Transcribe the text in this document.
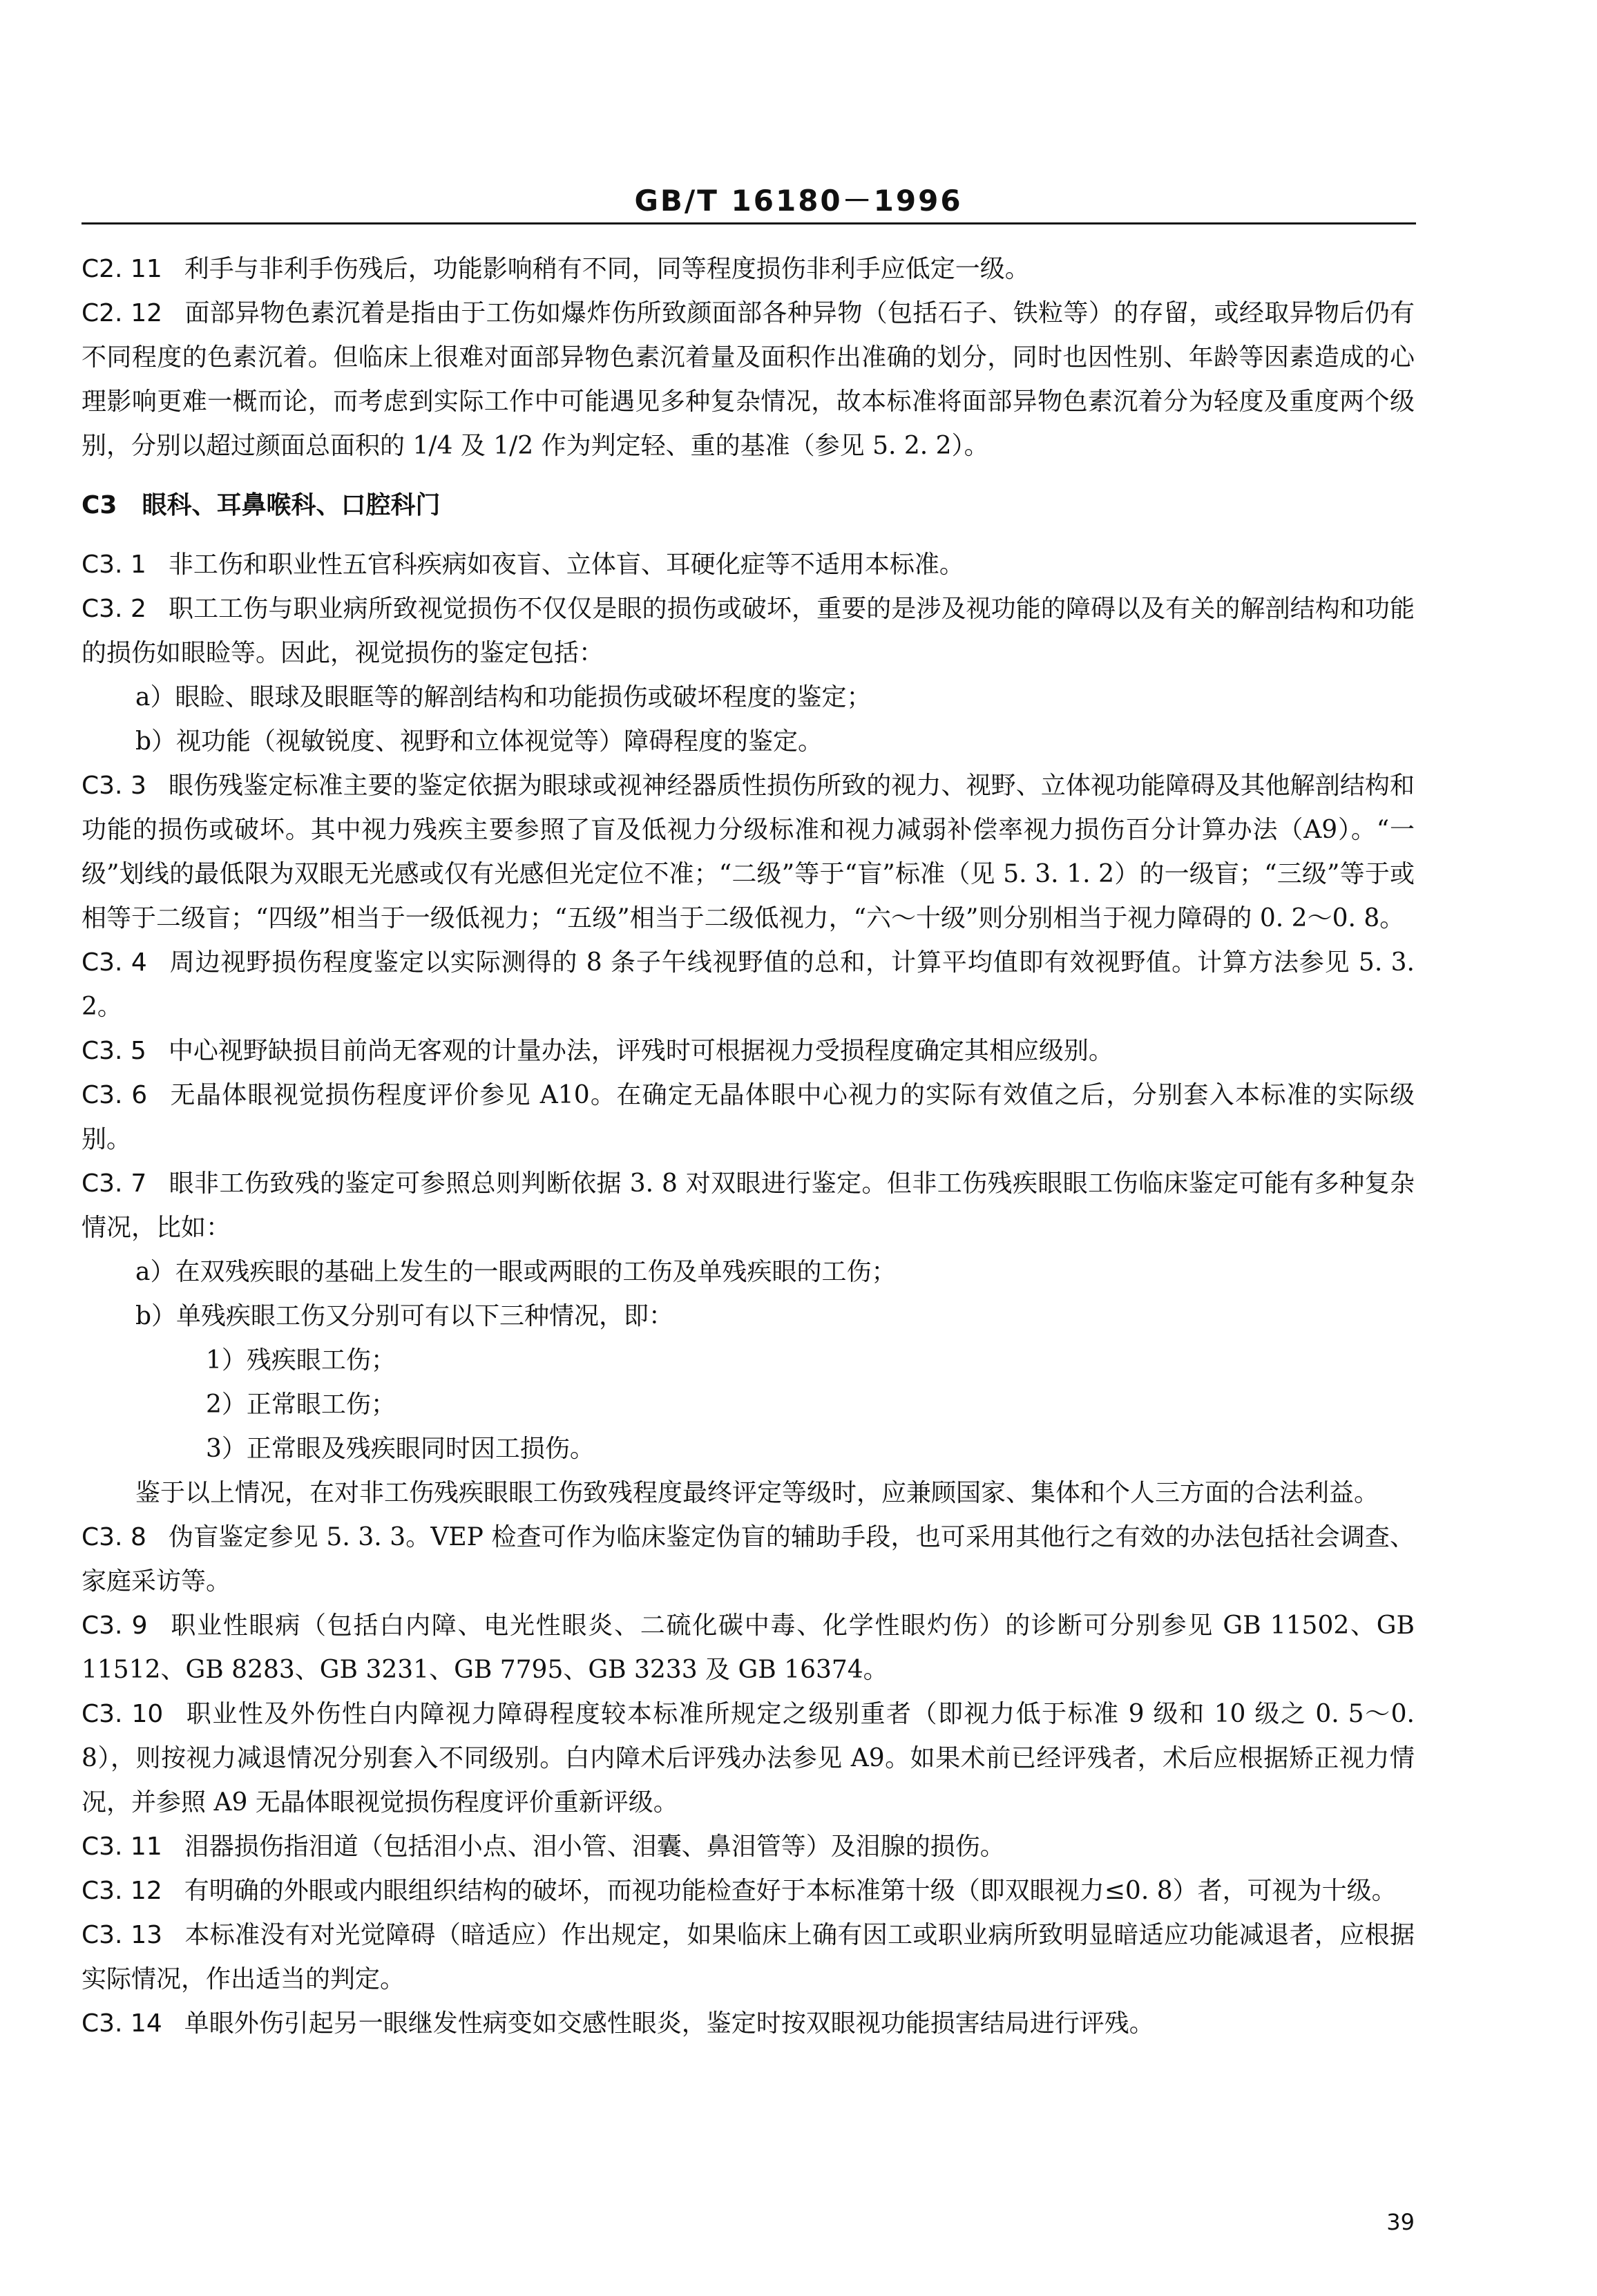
GB/T 16180－1996

C2. 11 利手与非利手伤残后，功能影响稍有不同，同等程度损伤非利手应低定一级。

C2. 12 面部异物色素沉着是指由于工伤如爆炸伤所致颜面部各种异物（包括石子、铁粒等）的存留，或经取异物后仍有不同程度的色素沉着。但临床上很难对面部异物色素沉着量及面积作出准确的划分，同时也因性别、年龄等因素造成的心理影响更难一概而论，而考虑到实际工作中可能遇见多种复杂情况，故本标准将面部异物色素沉着分为轻度及重度两个级别，分别以超过颜面总面积的 1/4 及 1/2 作为判定轻、重的基准（参见 5. 2. 2）。

C3　眼科、耳鼻喉科、口腔科门

C3. 1 非工伤和职业性五官科疾病如夜盲、立体盲、耳硬化症等不适用本标准。

C3. 2 职工工伤与职业病所致视觉损伤不仅仅是眼的损伤或破坏，重要的是涉及视功能的障碍以及有关的解剖结构和功能的损伤如眼睑等。因此，视觉损伤的鉴定包括：

a）眼睑、眼球及眼眶等的解剖结构和功能损伤或破坏程度的鉴定；

b）视功能（视敏锐度、视野和立体视觉等）障碍程度的鉴定。

C3. 3 眼伤残鉴定标准主要的鉴定依据为眼球或视神经器质性损伤所致的视力、视野、立体视功能障碍及其他解剖结构和功能的损伤或破坏。其中视力残疾主要参照了盲及低视力分级标准和视力减弱补偿率视力损伤百分计算办法（A9）。“一级”划线的最低限为双眼无光感或仅有光感但光定位不准；“二级”等于“盲”标准（见 5. 3. 1. 2）的一级盲；“三级”等于或相等于二级盲；“四级”相当于一级低视力；“五级”相当于二级低视力，“六～十级”则分别相当于视力障碍的 0. 2～0. 8。

C3. 4 周边视野损伤程度鉴定以实际测得的 8 条子午线视野值的总和，计算平均值即有效视野值。计算方法参见 5. 3. 2。

C3. 5 中心视野缺损目前尚无客观的计量办法，评残时可根据视力受损程度确定其相应级别。

C3. 6 无晶体眼视觉损伤程度评价参见 A10。在确定无晶体眼中心视力的实际有效值之后，分别套入本标准的实际级别。

C3. 7 眼非工伤致残的鉴定可参照总则判断依据 3. 8 对双眼进行鉴定。但非工伤残疾眼眼工伤临床鉴定可能有多种复杂情况，比如：

a）在双残疾眼的基础上发生的一眼或两眼的工伤及单残疾眼的工伤；

b）单残疾眼工伤又分别可有以下三种情况，即：

1）残疾眼工伤；

2）正常眼工伤；

3）正常眼及残疾眼同时因工损伤。

鉴于以上情况，在对非工伤残疾眼眼工伤致残程度最终评定等级时，应兼顾国家、集体和个人三方面的合法利益。

C3. 8 伪盲鉴定参见 5. 3. 3。VEP 检查可作为临床鉴定伪盲的辅助手段，也可采用其他行之有效的办法包括社会调查、家庭采访等。

C3. 9 职业性眼病（包括白内障、电光性眼炎、二硫化碳中毒、化学性眼灼伤）的诊断可分别参见 GB 11502、GB 11512、GB 8283、GB 3231、GB 7795、GB 3233 及 GB 16374。

C3. 10 职业性及外伤性白内障视力障碍程度较本标准所规定之级别重者（即视力低于标准 9 级和 10 级之 0. 5～0. 8），则按视力减退情况分别套入不同级别。白内障术后评残办法参见 A9。如果术前已经评残者，术后应根据矫正视力情况，并参照 A9 无晶体眼视觉损伤程度评价重新评级。

C3. 11 泪器损伤指泪道（包括泪小点、泪小管、泪囊、鼻泪管等）及泪腺的损伤。

C3. 12 有明确的外眼或内眼组织结构的破坏，而视功能检查好于本标准第十级（即双眼视力≤0. 8）者，可视为十级。

C3. 13 本标准没有对光觉障碍（暗适应）作出规定，如果临床上确有因工或职业病所致明显暗适应功能减退者，应根据实际情况，作出适当的判定。

C3. 14 单眼外伤引起另一眼继发性病变如交感性眼炎，鉴定时按双眼视功能损害结局进行评残。

39
